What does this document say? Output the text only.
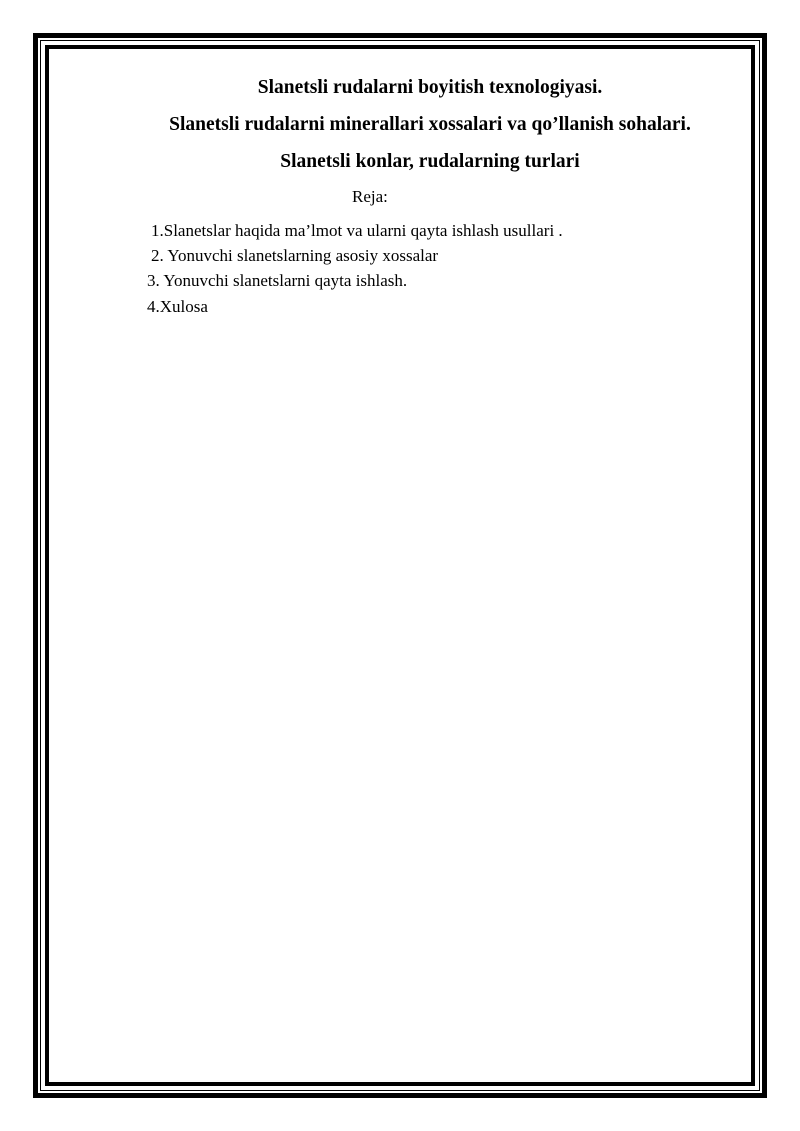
Slanetsli rudalarni boyitish texnologiyasi.
Slanetsli rudalarni minerallari xossalari va qo’llanish sohalari.
Slanetsli konlar, rudalarning turlari
Reja:
1.Slanetslar haqida ma’lmot va ularni qayta ishlash usullari .
2. Yonuvchi slanetslarning asosiy xossalar
3. Yonuvchi slanetslarni qayta ishlash.
4.Xulosa
